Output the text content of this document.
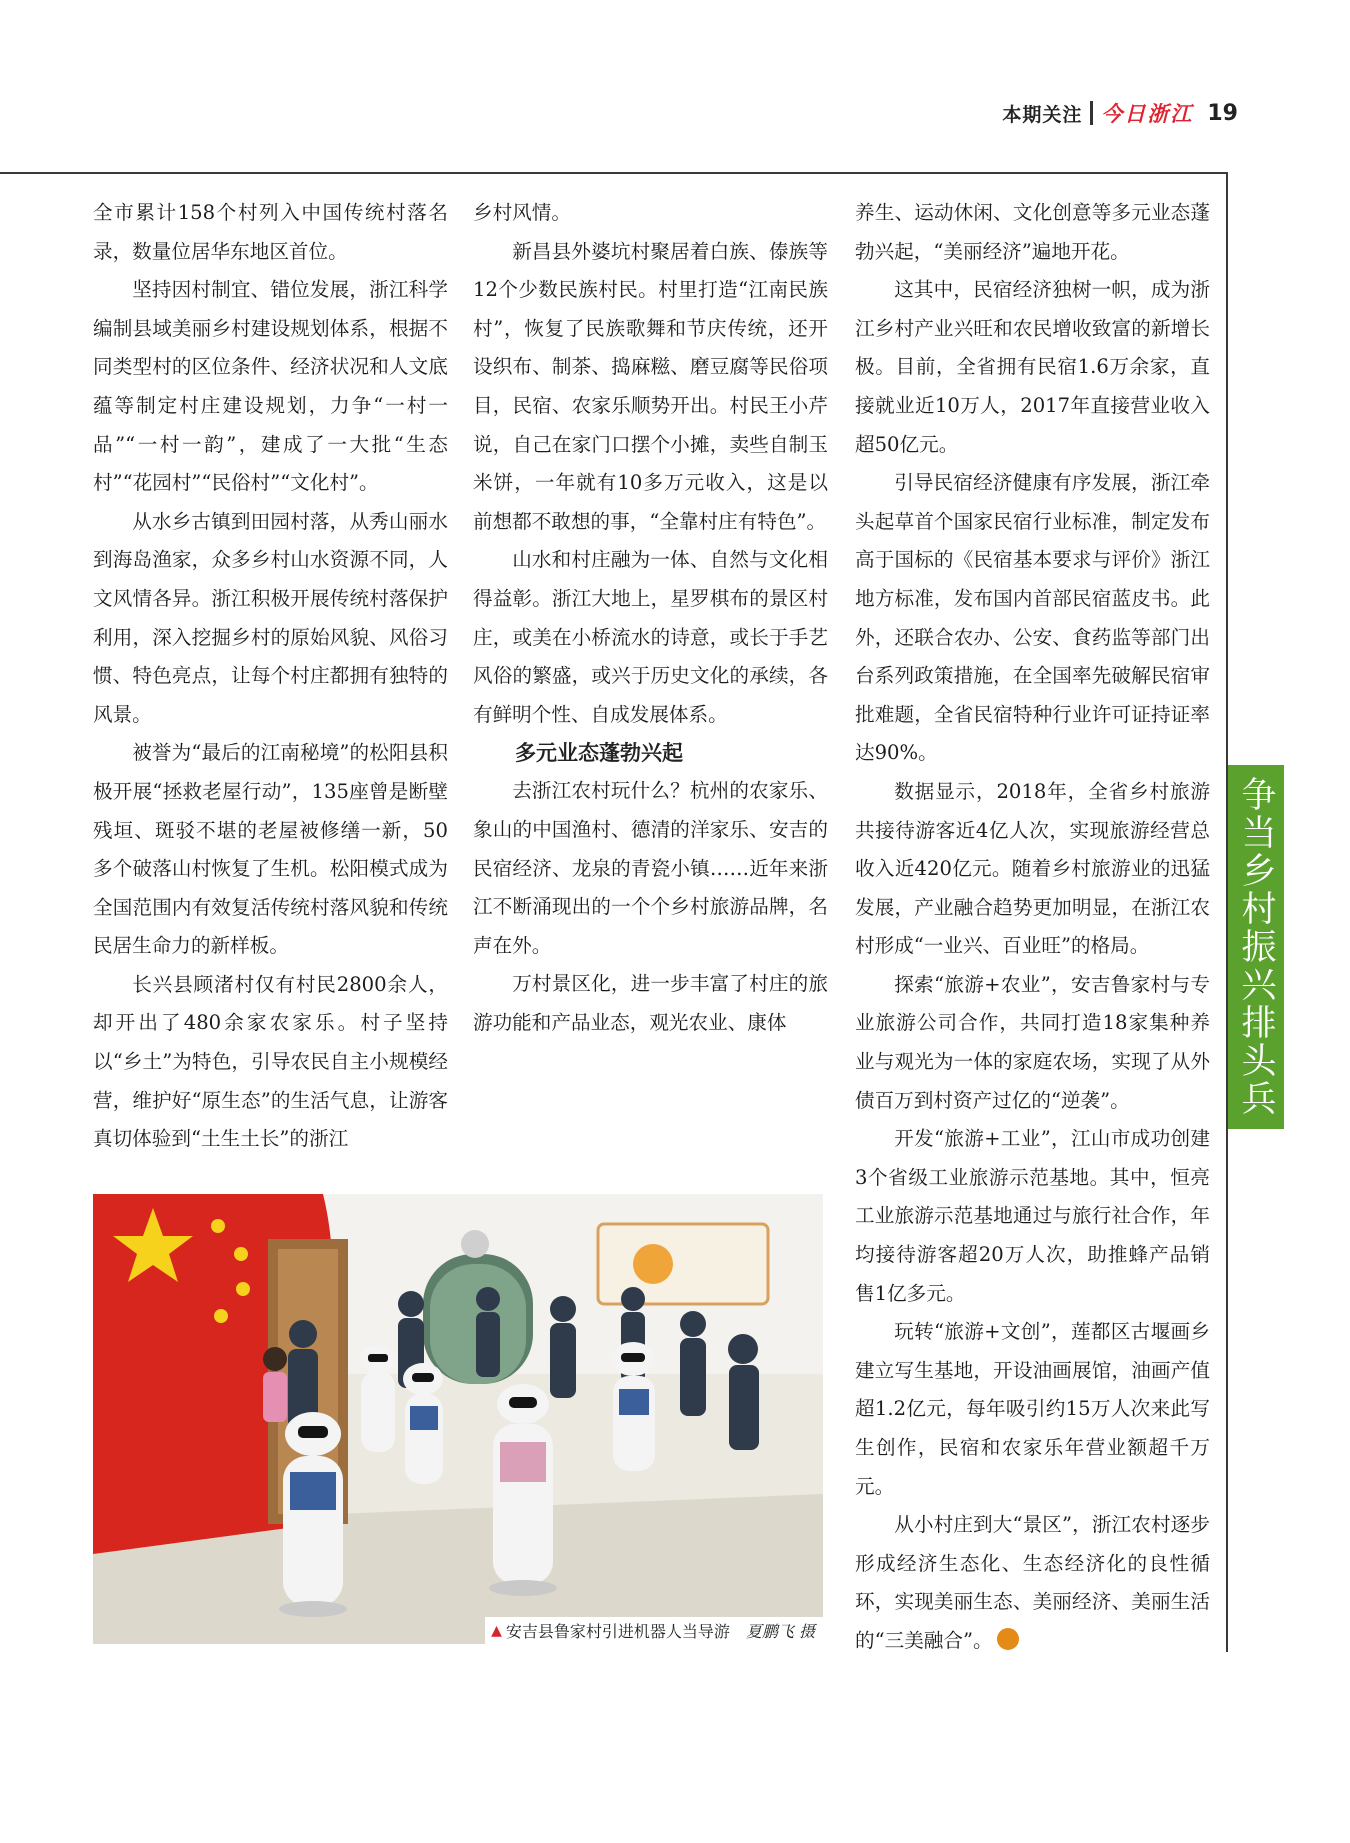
本期关注 今日浙江 19

全市累计158个村列入中国传统村落名录，数量位居华东地区首位。

坚持因村制宜、错位发展，浙江科学编制县域美丽乡村建设规划体系，根据不同类型村的区位条件、经济状况和人文底蕴等制定村庄建设规划，力争“一村一品”“一村一韵”，建成了一大批“生态村”“花园村”“民俗村”“文化村”。

从水乡古镇到田园村落，从秀山丽水到海岛渔家，众多乡村山水资源不同，人文风情各异。浙江积极开展传统村落保护利用，深入挖掘乡村的原始风貌、风俗习惯、特色亮点，让每个村庄都拥有独特的风景。

被誉为“最后的江南秘境”的松阳县积极开展“拯救老屋行动”，135座曾是断壁残垣、斑驳不堪的老屋被修缮一新，50多个破落山村恢复了生机。松阳模式成为全国范围内有效复活传统村落风貌和传统民居生命力的新样板。

长兴县顾渚村仅有村民2800余人，却开出了480余家农家乐。村子坚持以“乡土”为特色，引导农民自主小规模经营，维护好“原生态”的生活气息，让游客真切体验到“土生土长”的浙江

乡村风情。

新昌县外婆坑村聚居着白族、傣族等12个少数民族村民。村里打造“江南民族村”，恢复了民族歌舞和节庆传统，还开设织布、制茶、捣麻糍、磨豆腐等民俗项目，民宿、农家乐顺势开出。村民王小芹说，自己在家门口摆个小摊，卖些自制玉米饼，一年就有10多万元收入，这是以前想都不敢想的事，“全靠村庄有特色”。

山水和村庄融为一体、自然与文化相得益彰。浙江大地上，星罗棋布的景区村庄，或美在小桥流水的诗意，或长于手艺风俗的繁盛，或兴于历史文化的承续，各有鲜明个性、自成发展体系。

多元业态蓬勃兴起

去浙江农村玩什么？杭州的农家乐、象山的中国渔村、德清的洋家乐、安吉的民宿经济、龙泉的青瓷小镇……近年来浙江不断涌现出的一个个乡村旅游品牌，名声在外。

万村景区化，进一步丰富了村庄的旅游功能和产品业态，观光农业、康体

养生、运动休闲、文化创意等多元业态蓬勃兴起，“美丽经济”遍地开花。

这其中，民宿经济独树一帜，成为浙江乡村产业兴旺和农民增收致富的新增长极。目前，全省拥有民宿1.6万余家，直接就业近10万人，2017年直接营业收入超50亿元。

引导民宿经济健康有序发展，浙江牵头起草首个国家民宿行业标准，制定发布高于国标的《民宿基本要求与评价》浙江地方标准，发布国内首部民宿蓝皮书。此外，还联合农办、公安、食药监等部门出台系列政策措施，在全国率先破解民宿审批难题，全省民宿特种行业许可证持证率达90%。

数据显示，2018年，全省乡村旅游共接待游客近4亿人次，实现旅游经营总收入近420亿元。随着乡村旅游业的迅猛发展，产业融合趋势更加明显，在浙江农村形成“一业兴、百业旺”的格局。

探索“旅游+农业”，安吉鲁家村与专业旅游公司合作，共同打造18家集种养业与观光为一体的家庭农场，实现了从外债百万到村资产过亿的“逆袭”。

开发“旅游+工业”，江山市成功创建3个省级工业旅游示范基地。其中，恒亮工业旅游示范基地通过与旅行社合作，年均接待游客超20万人次，助推蜂产品销售1亿多元。

玩转“旅游+文创”，莲都区古堰画乡建立写生基地，开设油画展馆，油画产值超1.2亿元，每年吸引约15万人次来此写生创作，民宿和农家乐年营业额超千万元。

从小村庄到大“景区”，浙江农村逐步形成经济生态化、生态经济化的良性循环，实现美丽生态、美丽经济、美丽生活的“三美融合”。

争当乡村振兴排头兵
▲ 安吉县鲁家村引进机器人当导游 夏鹏飞 摄
